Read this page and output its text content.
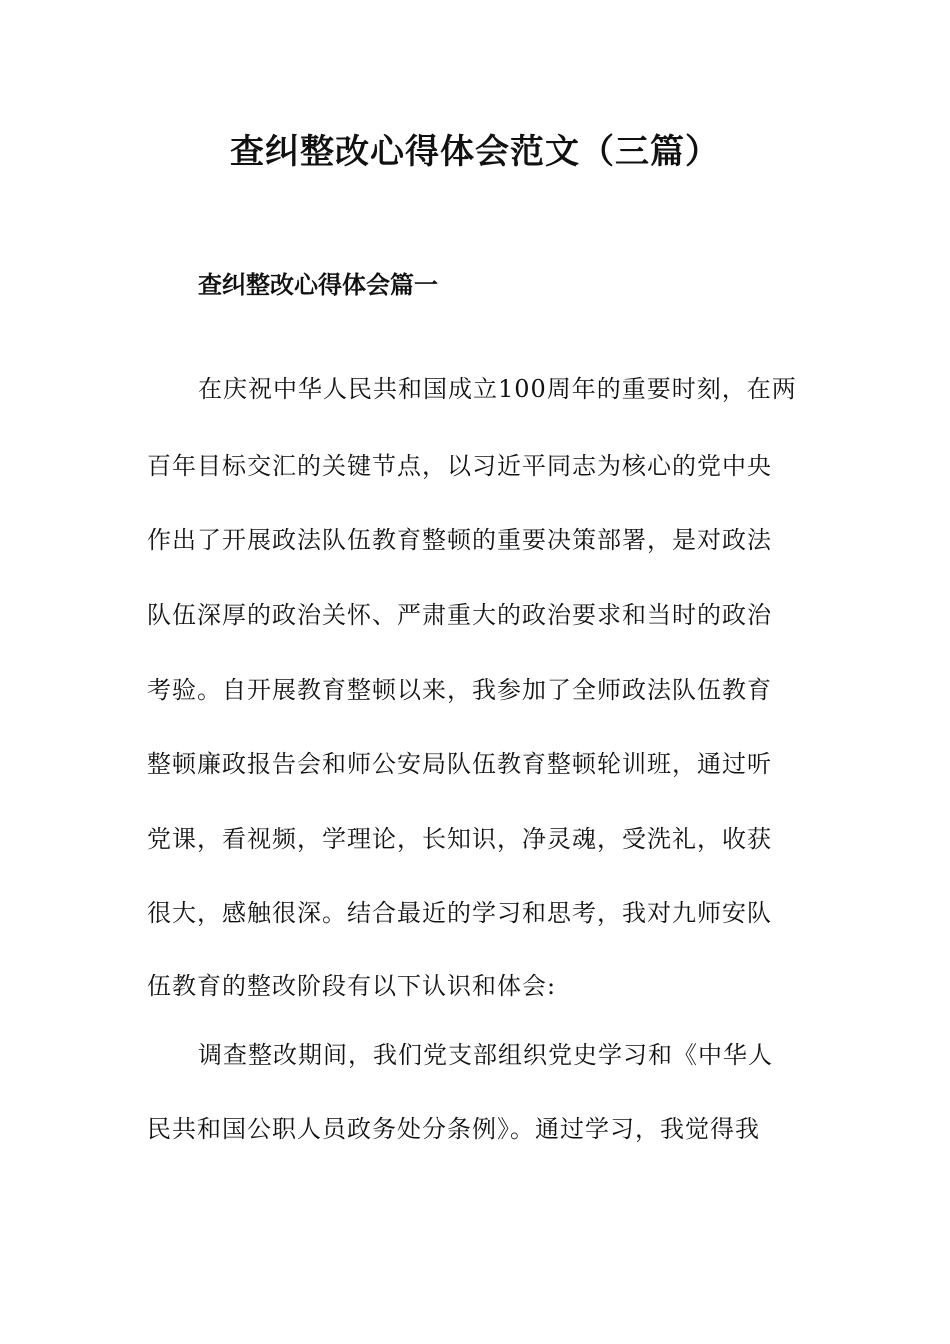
查纠整改心得体会范文（三篇）
查纠整改心得体会篇一
在庆祝中华人民共和国成立100周年的重要时刻，在两
百年目标交汇的关键节点，以习近平同志为核心的党中央
作出了开展政法队伍教育整顿的重要决策部署，是对政法
队伍深厚的政治关怀、严肃重大的政治要求和当时的政治
考验。自开展教育整顿以来，我参加了全师政法队伍教育
整顿廉政报告会和师公安局队伍教育整顿轮训班，通过听
党课，看视频，学理论，长知识，净灵魂，受洗礼，收获
很大，感触很深。结合最近的学习和思考，我对九师安队
伍教育的整改阶段有以下认识和体会:
调查整改期间，我们党支部组织党史学习和《中华人
民共和国公职人员政务处分条例》。通过学习，我觉得我
